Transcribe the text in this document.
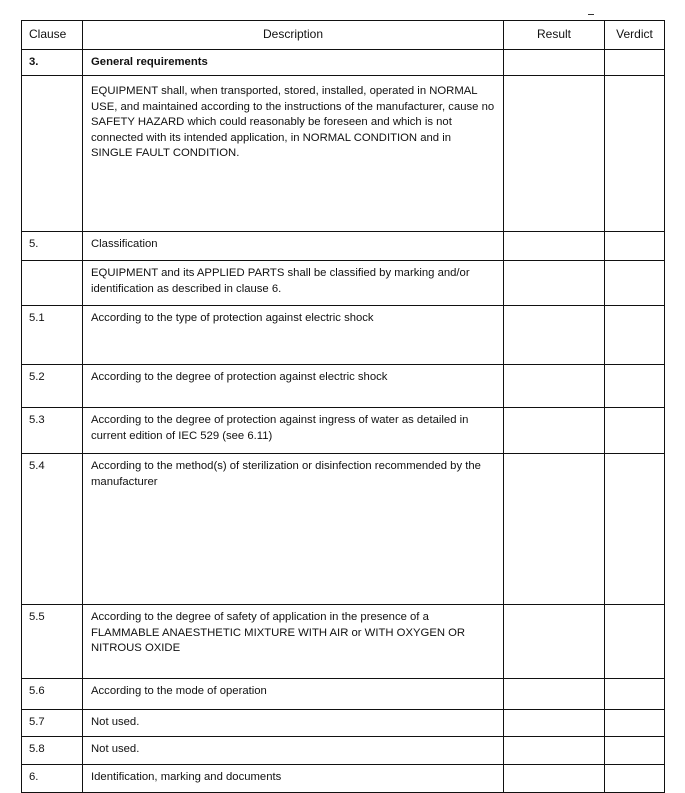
Clause	Description	Result	Verdict
3.	General requirements
EQUIPMENT shall, when transported, stored, installed, operated in NORMAL USE, and maintained according to the instructions of the manufacturer, cause no SAFETY HAZARD which could reasonably be foreseen and which is not connected with its intended application, in NORMAL CONDITION and in SINGLE FAULT CONDITION.
5.	Classification
EQUIPMENT and its APPLIED PARTS shall be classified by marking and/or identification as described in clause 6.
5.1	According to the type of protection against electric shock
5.2	According to the degree of protection against electric shock
5.3	According to the degree of protection against ingress of water as detailed in current edition of IEC 529 (see 6.11)
5.4	According to the method(s) of sterilization or disinfection recommended by the manufacturer
5.5	According to the degree of safety of application in the presence of a FLAMMABLE ANAESTHETIC MIXTURE WITH AIR or WITH OXYGEN OR NITROUS OXIDE
5.6	According to the mode of operation
5.7	Not used.
5.8	Not used.
6.	Identification, marking and documents
